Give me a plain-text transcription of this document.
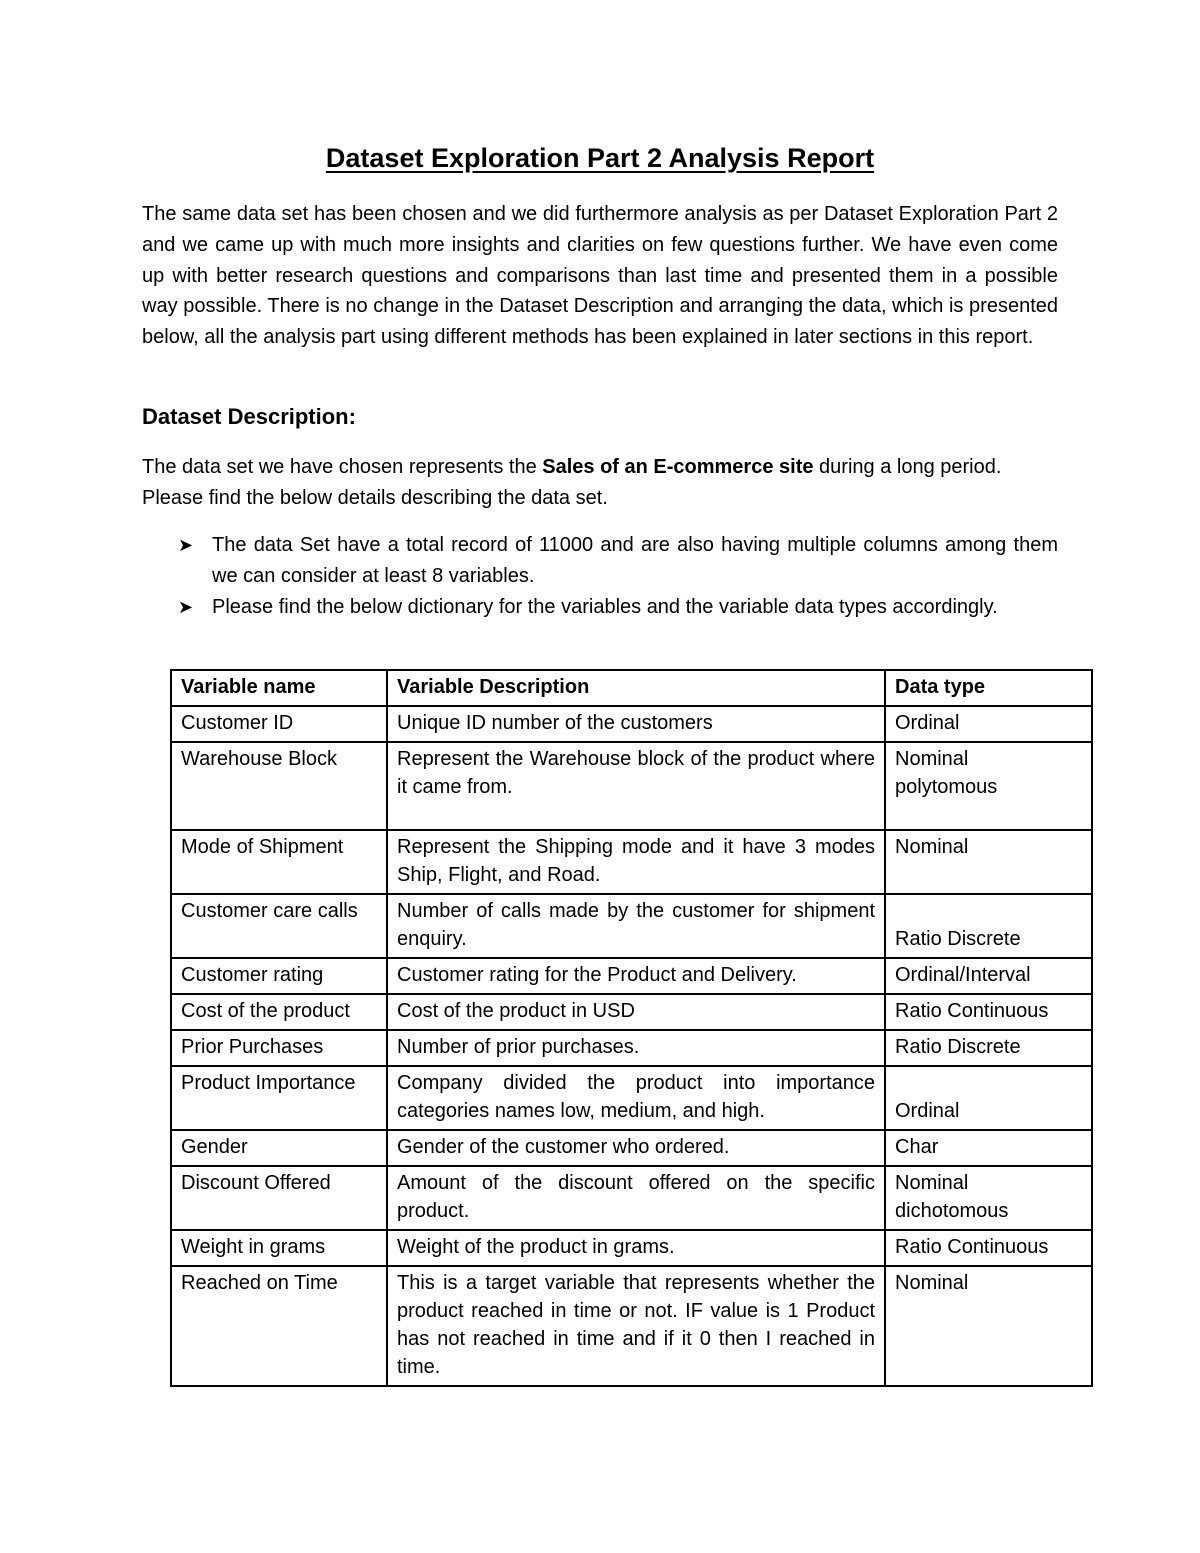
Dataset Exploration Part 2 Analysis Report

The same data set has been chosen and we did furthermore analysis as per Dataset Exploration Part 2 and we came up with much more insights and clarities on few questions further. We have even come up with better research questions and comparisons than last time and presented them in a possible way possible. There is no change in the Dataset Description and arranging the data, which is presented below, all the analysis part using different methods has been explained in later sections in this report.

Dataset Description:

The data set we have chosen represents the Sales of an E-commerce site during a long period. Please find the below details describing the data set.

➤ The data Set have a total record of 11000 and are also having multiple columns among them we can consider at least 8 variables.
➤ Please find the below dictionary for the variables and the variable data types accordingly.
Variable name	Variable Description	Data type
Customer ID	Unique ID number of the customers	Ordinal
Warehouse Block	Represent the Warehouse block of the product where it came from.	Nominal polytomous
Mode of Shipment	Represent the Shipping mode and it have 3 modes Ship, Flight, and Road.	Nominal
Customer care calls	Number of calls made by the customer for shipment enquiry.	Ratio Discrete
Customer rating	Customer rating for the Product and Delivery.	Ordinal/Interval
Cost of the product	Cost of the product in USD	Ratio Continuous
Prior Purchases	Number of prior purchases.	Ratio Discrete
Product Importance	Company divided the product into importance categories names low, medium, and high.	Ordinal
Gender	Gender of the customer who ordered.	Char
Discount Offered	Amount of the discount offered on the specific product.	Nominal dichotomous
Weight in grams	Weight of the product in grams.	Ratio Continuous
Reached on Time	This is a target variable that represents whether the product reached in time or not. IF value is 1 Product has not reached in time and if it 0 then I reached in time.	Nominal
